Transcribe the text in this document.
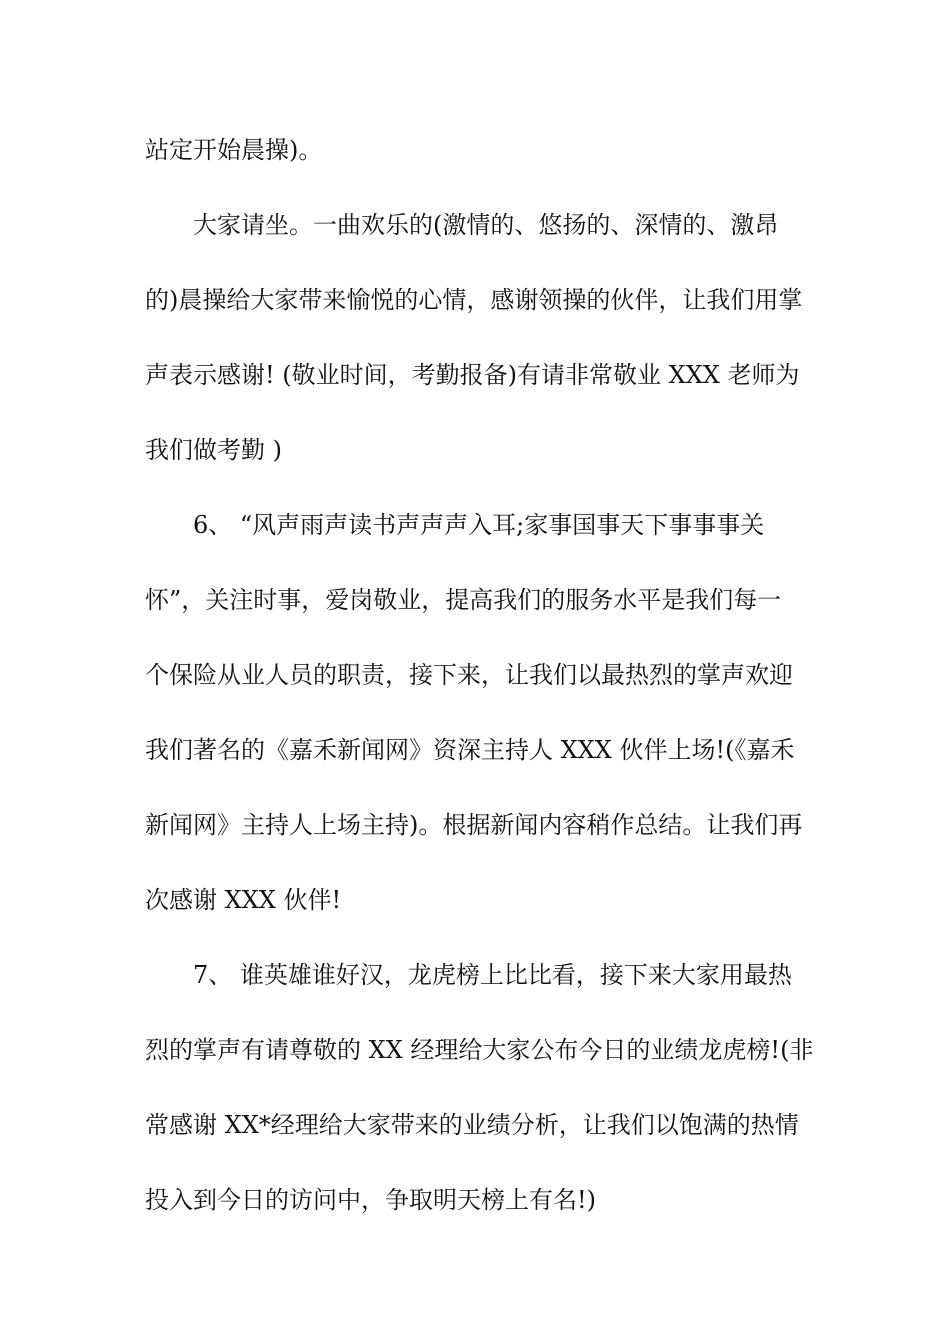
站定开始晨操)。
大家请坐。一曲欢乐的(激情的、悠扬的、深情的、激昂
的)晨操给大家带来愉悦的心情，感谢领操的伙伴，让我们用掌
声表示感谢! (敬业时间，考勤报备)有请非常敬业 XXX 老师为
我们做考勤 )
6、 “风声雨声读书声声声入耳;家事国事天下事事事关
怀”，关注时事，爱岗敬业，提高我们的服务水平是我们每一
个保险从业人员的职责，接下来，让我们以最热烈的掌声欢迎
我们著名的《嘉禾新闻网》资深主持人 XXX 伙伴上场!(《嘉禾
新闻网》主持人上场主持)。根据新闻内容稍作总结。让我们再
次感谢 XXX 伙伴!
7、 谁英雄谁好汉，龙虎榜上比比看，接下来大家用最热
烈的掌声有请尊敬的 XX 经理给大家公布今日的业绩龙虎榜!(非
常感谢 XX*经理给大家带来的业绩分析，让我们以饱满的热情
投入到今日的访问中，争取明天榜上有名!)
